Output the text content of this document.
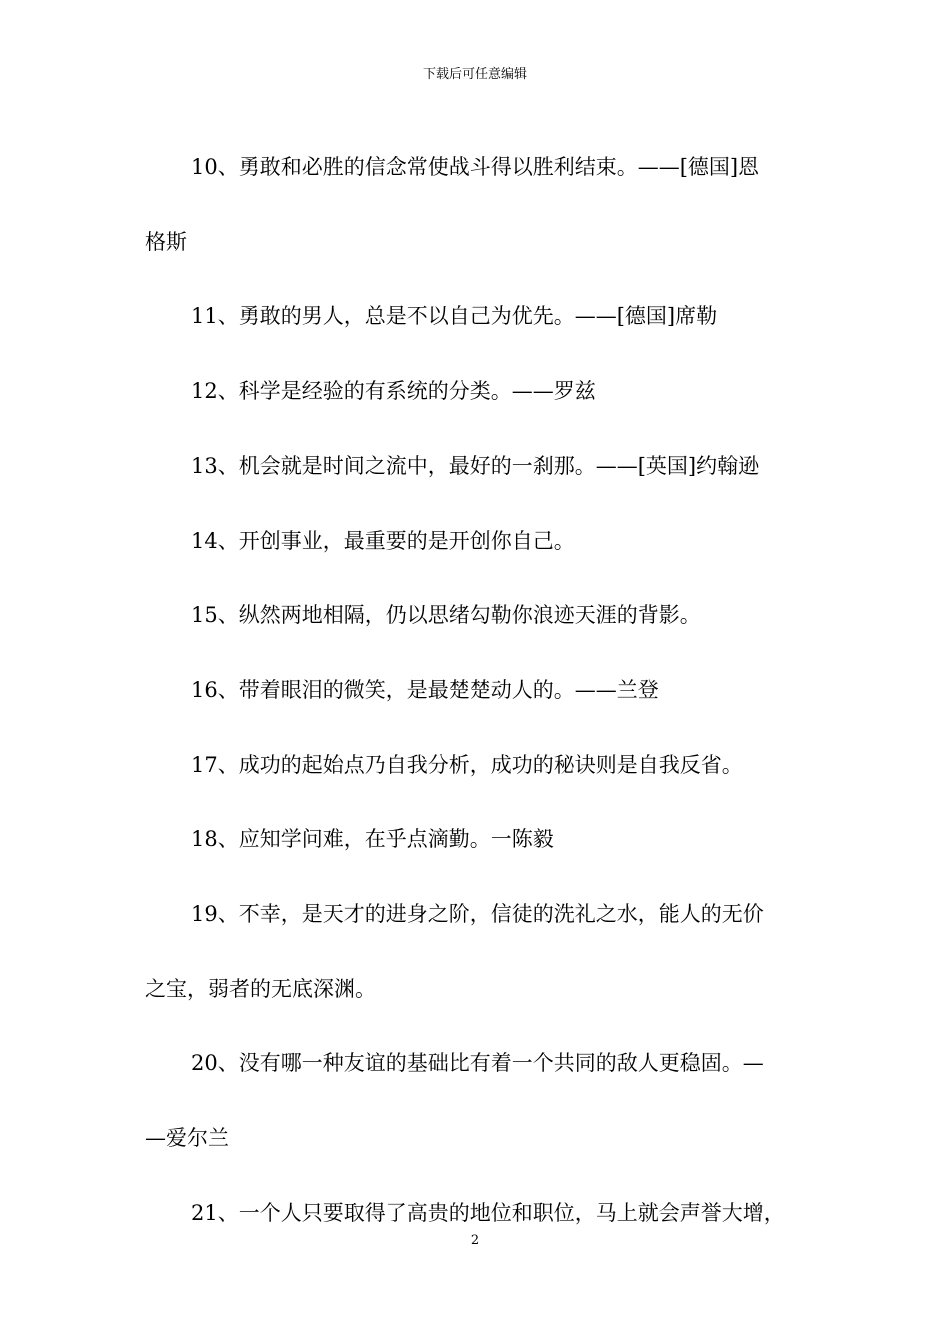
下载后可任意编辑

10、勇敢和必胜的信念常使战斗得以胜利结束。——[德国]恩
格斯

11、勇敢的男人，总是不以自己为优先。——[德国]席勒

12、科学是经验的有系统的分类。——罗兹

13、机会就是时间之流中，最好的一刹那。——[英国]约翰逊

14、开创事业，最重要的是开创你自己。

15、纵然两地相隔，仍以思绪勾勒你浪迹天涯的背影。

16、带着眼泪的微笑，是最楚楚动人的。——兰登

17、成功的起始点乃自我分析，成功的秘诀则是自我反省。

18、应知学问难，在乎点滴勤。一陈毅

19、不幸，是天才的进身之阶，信徒的洗礼之水，能人的无价
之宝，弱者的无底深渊。

20、没有哪一种友谊的基础比有着一个共同的敌人更稳固。—
—爱尔兰

21、一个人只要取得了高贵的地位和职位，马上就会声誉大增，

2
